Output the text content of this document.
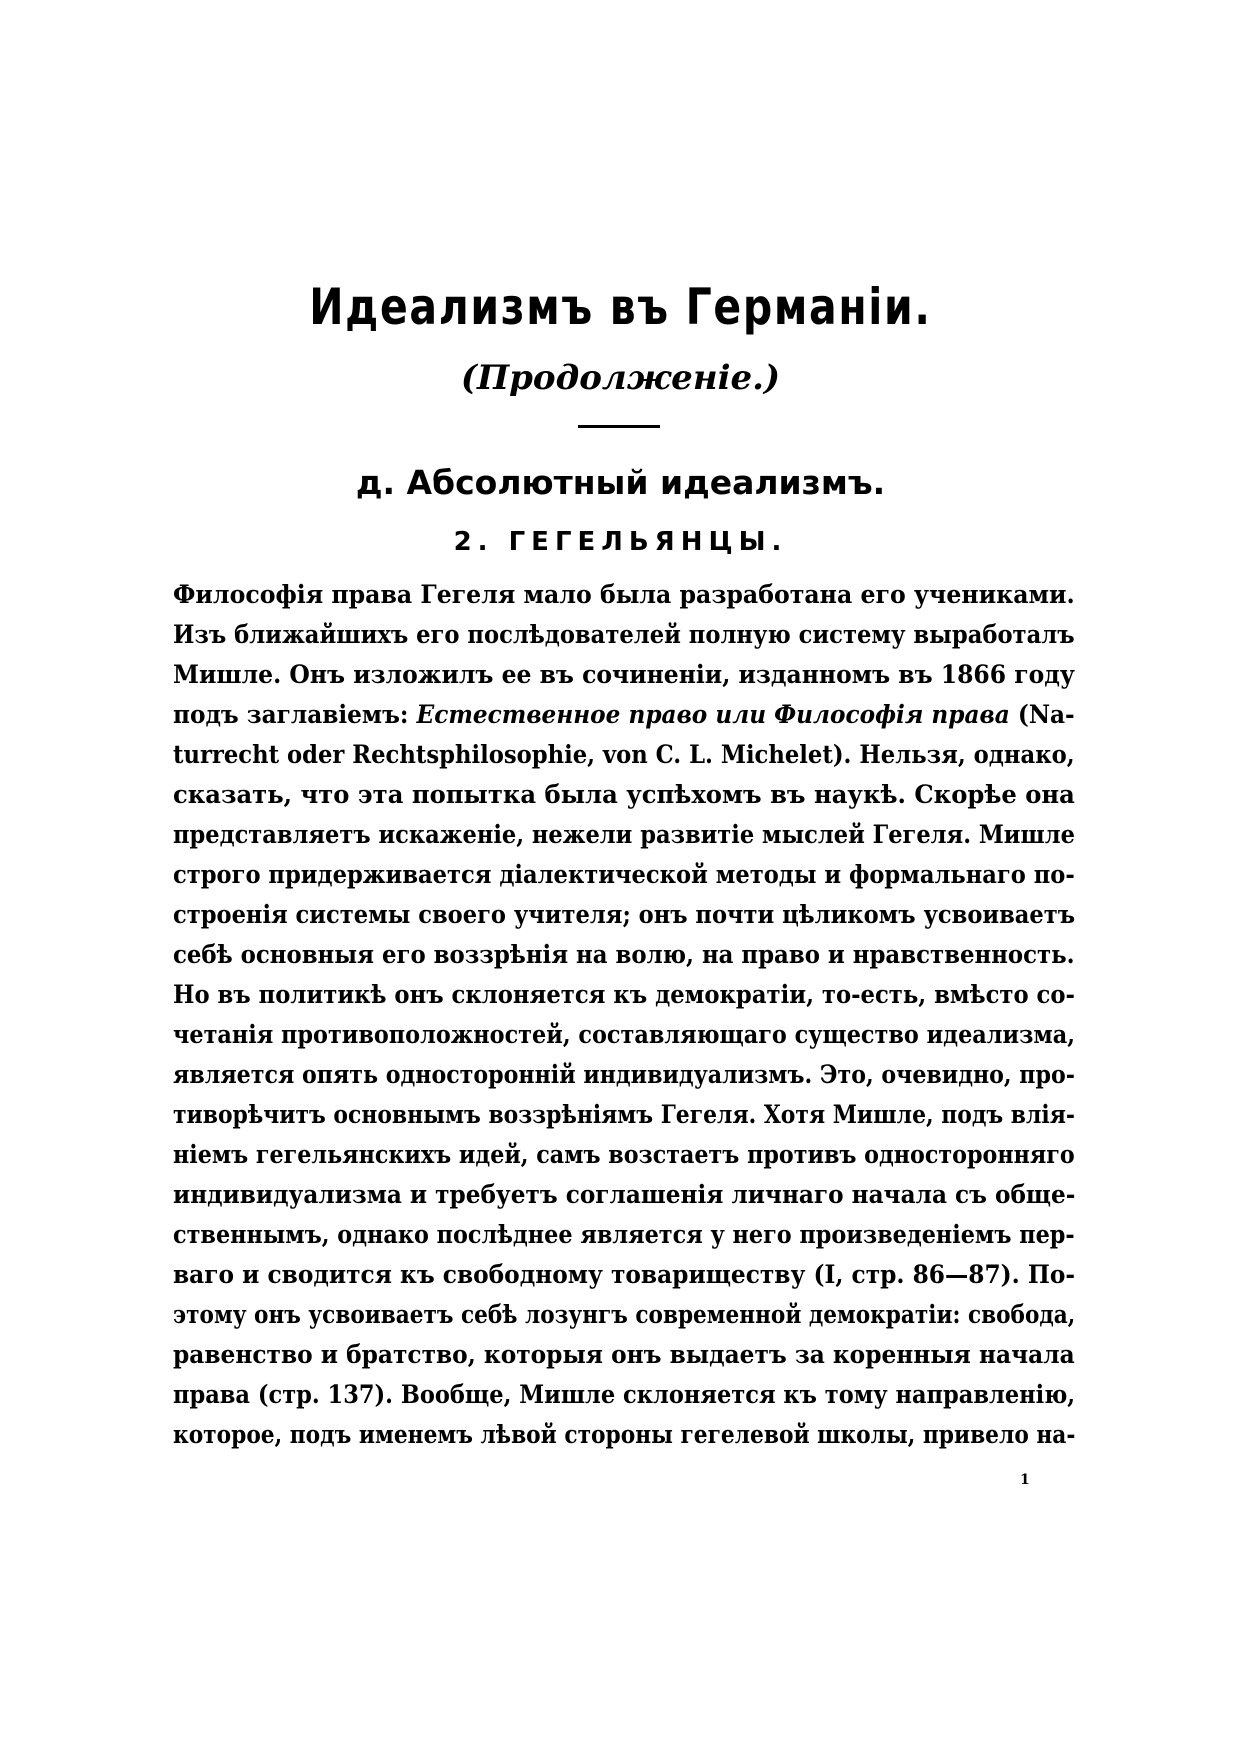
Идеализмъ въ Германіи.
(Продолженіе.)
д. Абсолютный идеализмъ.
2. ГЕГЕЛЬЯНЦЫ.
Философія права Гегеля мало была разработана его учениками.
Изъ ближайшихъ его послѣдователей полную систему выработалъ
Мишле. Онъ изложилъ ее въ сочиненіи, изданномъ въ 1866 году
подъ заглавіемъ: Естественное право или Философія права (Na-
turrecht oder Rechtsphilosophie, von C. L. Michelet). Нельзя, однако,
сказать, что эта попытка была успѣхомъ въ наукѣ. Скорѣе она
представляетъ искаженіе, нежели развитіе мыслей Гегеля. Мишле
строго придерживается діалектической методы и формальнаго по-
строенія системы своего учителя; онъ почти цѣликомъ усвоиваетъ
себѣ основныя его воззрѣнія на волю, на право и нравственность.
Но въ политикѣ онъ склоняется къ демократіи, то-есть, вмѣсто со-
четанія противоположностей, составляющаго существо идеализма,
является опять односторонній индивидуализмъ. Это, очевидно, про-
тиворѣчитъ основнымъ воззрѣніямъ Гегеля. Хотя Мишле, подъ влія-
ніемъ гегельянскихъ идей, самъ возстаетъ противъ односторонняго
индивидуализма и требуетъ соглашенія личнаго начала съ обще-
ственнымъ, однако послѣднее является у него произведеніемъ пер-
ваго и сводится къ свободному товариществу (I, стр. 86—87). По-
этому онъ усвоиваетъ себѣ лозунгъ современной демократіи: свобода,
равенство и братство, которыя онъ выдаетъ за коренныя начала
права (стр. 137). Вообще, Мишле склоняется къ тому направленію,
которое, подъ именемъ лѣвой стороны гегелевой школы, привело на-
1
